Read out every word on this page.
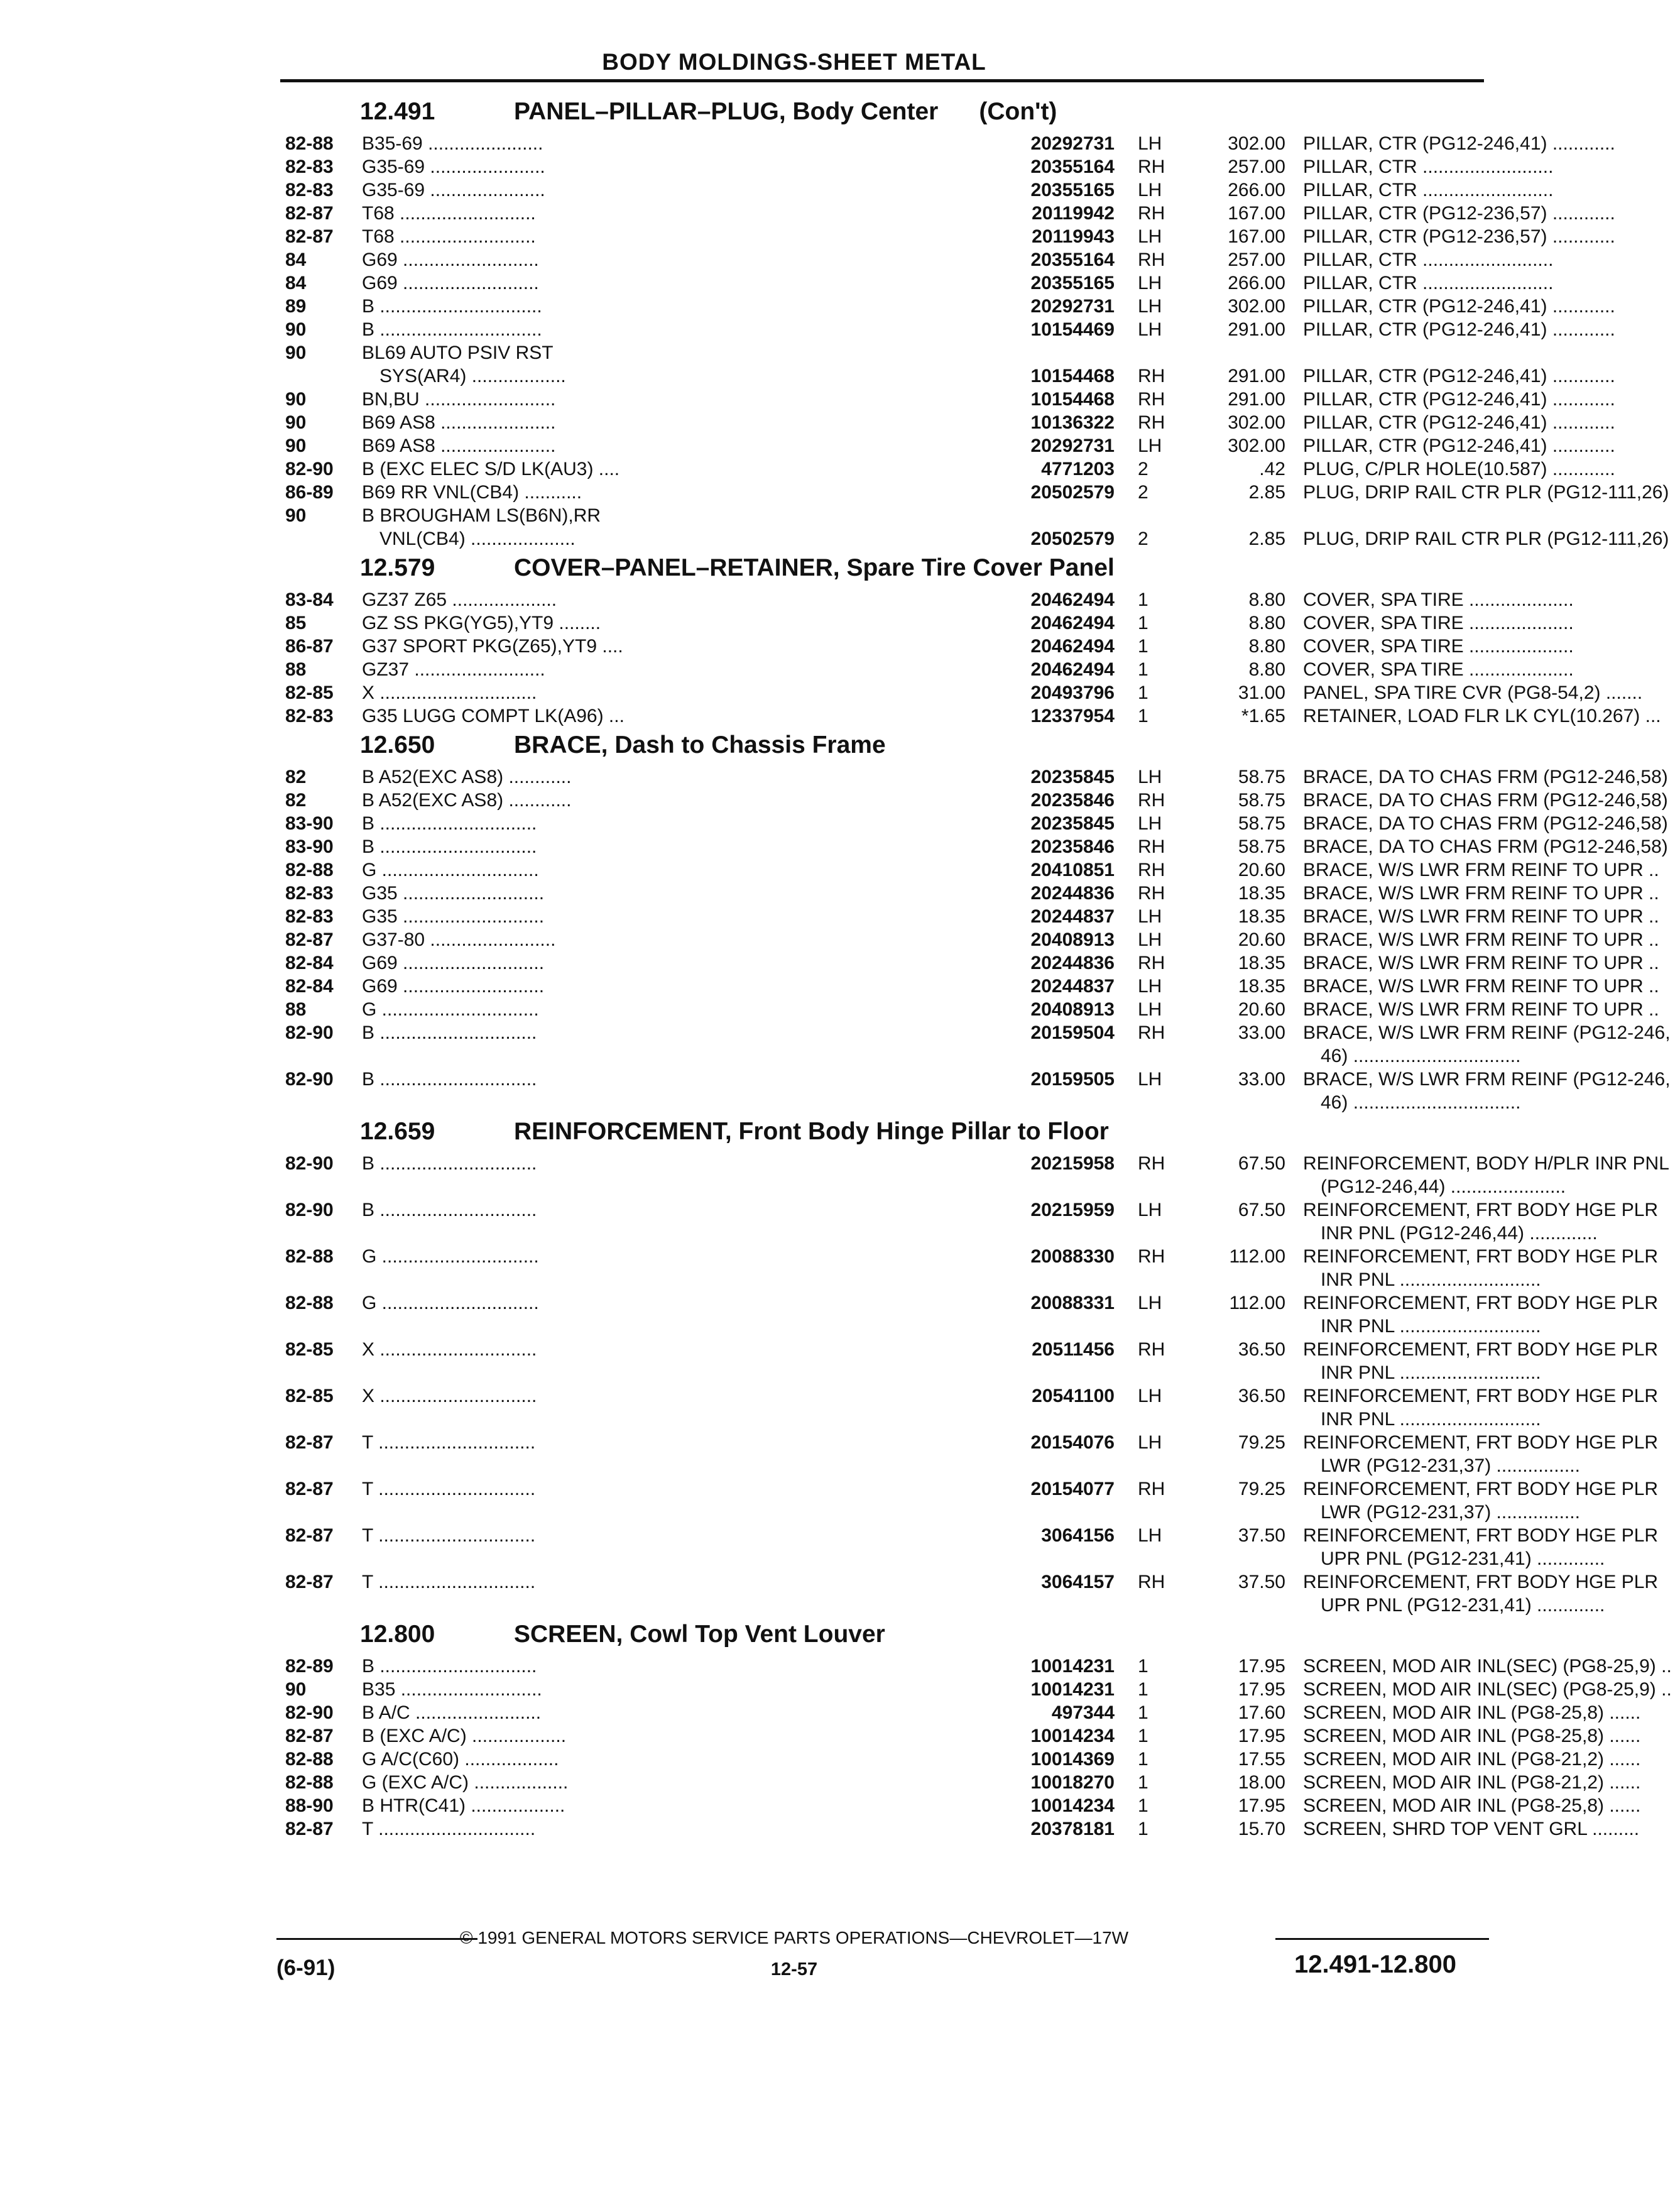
BODY MOLDINGS-SHEET METAL
12.491	PANEL–PILLAR–PLUG, Body Center (Con't)
82-88	B35-69 ......................	20292731 LH	302.00 PILLAR, CTR (PG12-246,41) ............
82-83	G35-69 ......................	20355164 RH	257.00 PILLAR, CTR .........................
82-83	G35-69 ......................	20355165 LH	266.00 PILLAR, CTR .........................
82-87	T68 ..........................	20119942 RH	167.00 PILLAR, CTR (PG12-236,57) ............
82-87	T68 ..........................	20119943 LH	167.00 PILLAR, CTR (PG12-236,57) ............
84	G69 ..........................	20355164 RH	257.00 PILLAR, CTR .........................
84	G69 ..........................	20355165 LH	266.00 PILLAR, CTR .........................
89	B ...............................	20292731 LH	302.00 PILLAR, CTR (PG12-246,41) ............
90	B ...............................	10154469 LH	291.00 PILLAR, CTR (PG12-246,41) ............
90	BL69 AUTO PSIV RST
SYS(AR4) ..................	10154468 RH	291.00 PILLAR, CTR (PG12-246,41) ............
90	BN,BU .........................	10154468 RH	291.00 PILLAR, CTR (PG12-246,41) ............
90	B69 AS8 ......................	10136322 RH	302.00 PILLAR, CTR (PG12-246,41) ............
90	B69 AS8 ......................	20292731 LH	302.00 PILLAR, CTR (PG12-246,41) ............
82-90	B (EXC ELEC S/D LK(AU3) ....	4771203 2	.42 PLUG, C/PLR HOLE(10.587) ............
86-89	B69 RR VNL(CB4) ...........	20502579 2	2.85 PLUG, DRIP RAIL CTR PLR (PG12-111,26)
90	B BROUGHAM LS(B6N),RR
VNL(CB4) ....................	20502579 2	2.85 PLUG, DRIP RAIL CTR PLR (PG12-111,26)
12.579	COVER–PANEL–RETAINER, Spare Tire Cover Panel
83-84	GZ37 Z65 ....................	20462494 1	8.80 COVER, SPA TIRE ....................
85	GZ SS PKG(YG5),YT9 ........	20462494 1	8.80 COVER, SPA TIRE ....................
86-87	G37 SPORT PKG(Z65),YT9 ....	20462494 1	8.80 COVER, SPA TIRE ....................
88	GZ37 .........................	20462494 1	8.80 COVER, SPA TIRE ....................
82-85	X ..............................	20493796 1	31.00 PANEL, SPA TIRE CVR (PG8-54,2) .......
82-83	G35 LUGG COMPT LK(A96) ...	12337954 1	*1.65 RETAINER, LOAD FLR LK CYL(10.267) ...
12.650	BRACE, Dash to Chassis Frame
82	B A52(EXC AS8) ............	20235845 LH	58.75 BRACE, DA TO CHAS FRM (PG12-246,58)
82	B A52(EXC AS8) ............	20235846 RH	58.75 BRACE, DA TO CHAS FRM (PG12-246,58)
83-90	B ..............................	20235845 LH	58.75 BRACE, DA TO CHAS FRM (PG12-246,58)
83-90	B ..............................	20235846 RH	58.75 BRACE, DA TO CHAS FRM (PG12-246,58)
82-88	G ..............................	20410851 RH	20.60 BRACE, W/S LWR FRM REINF TO UPR ..
82-83	G35 ...........................	20244836 RH	18.35 BRACE, W/S LWR FRM REINF TO UPR ..
82-83	G35 ...........................	20244837 LH	18.35 BRACE, W/S LWR FRM REINF TO UPR ..
82-87	G37-80 ........................	20408913 LH	20.60 BRACE, W/S LWR FRM REINF TO UPR ..
82-84	G69 ...........................	20244836 RH	18.35 BRACE, W/S LWR FRM REINF TO UPR ..
82-84	G69 ...........................	20244837 LH	18.35 BRACE, W/S LWR FRM REINF TO UPR ..
88	G ..............................	20408913 LH	20.60 BRACE, W/S LWR FRM REINF TO UPR ..
82-90	B ..............................	20159504 RH	33.00 BRACE, W/S LWR FRM REINF (PG12-246,
46) ................................
82-90	B ..............................	20159505 LH	33.00 BRACE, W/S LWR FRM REINF (PG12-246,
46) ................................
12.659	REINFORCEMENT, Front Body Hinge Pillar to Floor
82-90	B ..............................	20215958 RH	67.50 REINFORCEMENT, BODY H/PLR INR PNL
(PG12-246,44) ......................
82-90	B ..............................	20215959 LH	67.50 REINFORCEMENT, FRT BODY HGE PLR
INR PNL (PG12-246,44) .............
82-88	G ..............................	20088330 RH	112.00 REINFORCEMENT, FRT BODY HGE PLR
INR PNL ...........................
82-88	G ..............................	20088331 LH	112.00 REINFORCEMENT, FRT BODY HGE PLR
INR PNL ...........................
82-85	X ..............................	20511456 RH	36.50 REINFORCEMENT, FRT BODY HGE PLR
INR PNL ...........................
82-85	X ..............................	20541100 LH	36.50 REINFORCEMENT, FRT BODY HGE PLR
INR PNL ...........................
82-87	T ..............................	20154076 LH	79.25 REINFORCEMENT, FRT BODY HGE PLR
LWR (PG12-231,37) ................
82-87	T ..............................	20154077 RH	79.25 REINFORCEMENT, FRT BODY HGE PLR
LWR (PG12-231,37) ................
82-87	T ..............................	3064156 LH	37.50 REINFORCEMENT, FRT BODY HGE PLR
UPR PNL (PG12-231,41) .............
82-87	T ..............................	3064157 RH	37.50 REINFORCEMENT, FRT BODY HGE PLR
UPR PNL (PG12-231,41) .............
12.800	SCREEN, Cowl Top Vent Louver
82-89	B ..............................	10014231 1	17.95 SCREEN, MOD AIR INL(SEC) (PG8-25,9) ..
90	B35 ...........................	10014231 1	17.95 SCREEN, MOD AIR INL(SEC) (PG8-25,9) ..
82-90	B A/C ........................	497344 1	17.60 SCREEN, MOD AIR INL (PG8-25,8) ......
82-87	B (EXC A/C) ..................	10014234 1	17.95 SCREEN, MOD AIR INL (PG8-25,8) ......
82-88	G A/C(C60) ..................	10014369 1	17.55 SCREEN, MOD AIR INL (PG8-21,2) ......
82-88	G (EXC A/C) ..................	10018270 1	18.00 SCREEN, MOD AIR INL (PG8-21,2) ......
88-90	B HTR(C41) ..................	10014234 1	17.95 SCREEN, MOD AIR INL (PG8-25,8) ......
82-87	T ..............................	20378181 1	15.70 SCREEN, SHRD TOP VENT GRL .........
© 1991 GENERAL MOTORS SERVICE PARTS OPERATIONS—CHEVROLET—17W
(6-91)	12-57	12.491-12.800
